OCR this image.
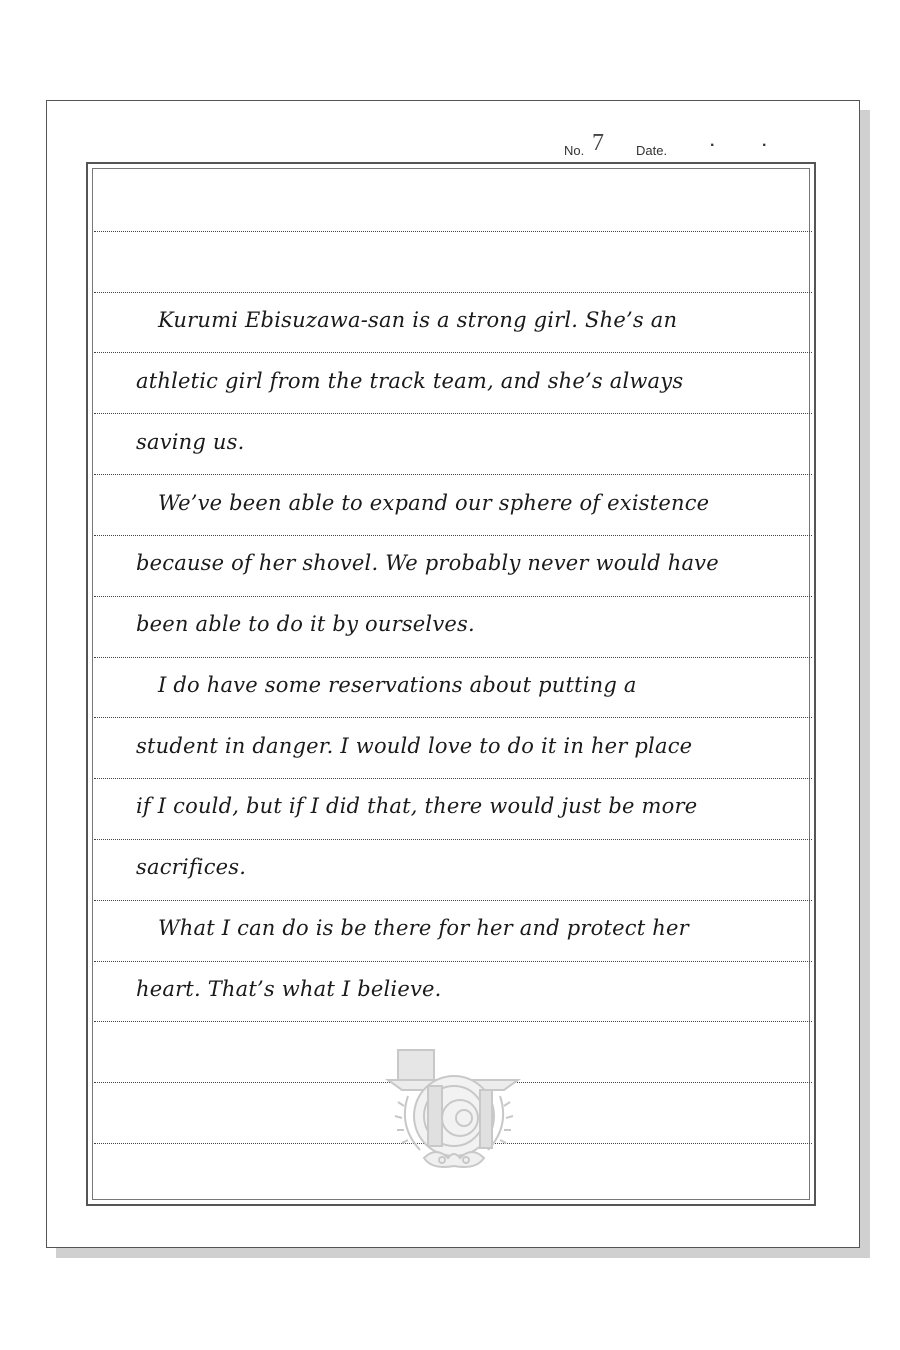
No. 7 Date.	·	·
Kurumi Ebisuzawa-san is a strong girl. She’s an
athletic girl from the track team, and she’s always
saving us.
We’ve been able to expand our sphere of existence
because of her shovel. We probably never would have
been able to do it by ourselves.
I do have some reservations about putting a
student in danger. I would love to do it in her place
if I could, but if I did that, there would just be more
sacrifices.
What I can do is be there for her and protect her
heart. That’s what I believe.
